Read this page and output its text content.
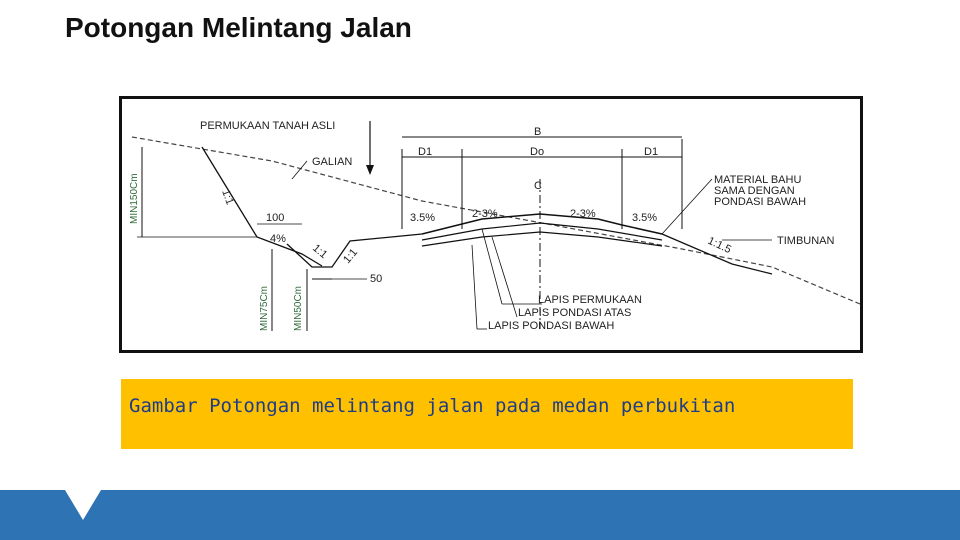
Potongan Melintang Jalan
PERMUKAAN TANAH ASLI
GALIAN
B
D1	Do	D1
C	MATERIAL BAHU
SAMA DENGAN
PONDASI BAWAH
3.5%	2-3%	2-3%	3.5%
100
4%	TIMBUNAN
50
LAPIS PERMUKAAN
LAPIS PONDASI ATAS
LAPIS PONDASI BAWAH
1:1
1:1 1:1
1:1.5
MIN150Cm
MIN75Cm MIN50Cm
Gambar Potongan melintang jalan pada medan perbukitan
